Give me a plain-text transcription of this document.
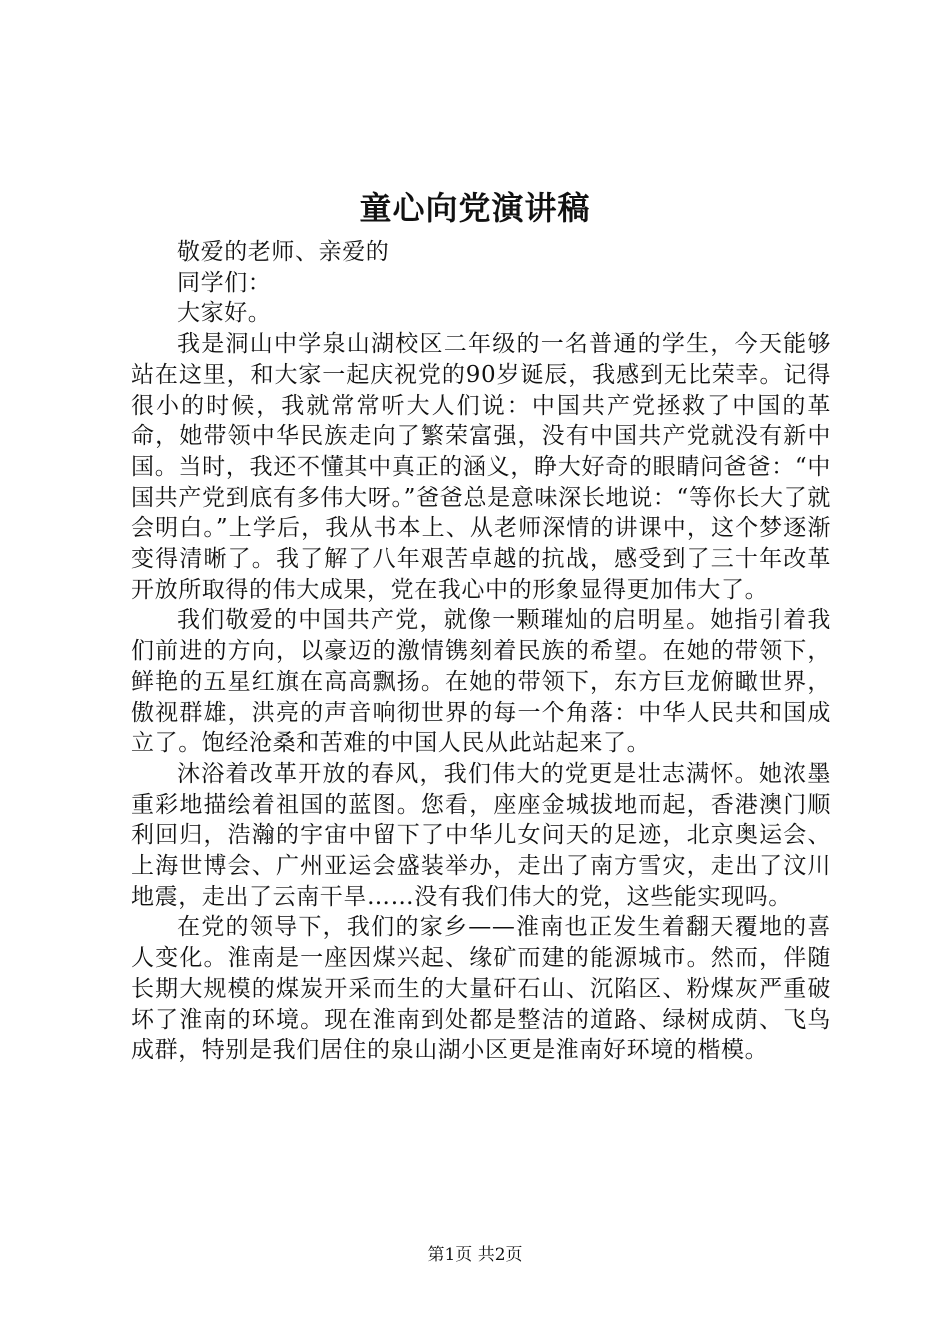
童心向党演讲稿

敬爱的老师、亲爱的

同学们：

大家好。

我是洞山中学泉山湖校区二年级的一名普通的学生，今天能够站在这里，和大家一起庆祝党的90岁诞辰，我感到无比荣幸。记得很小的时候，我就常常听大人们说：中国共产党拯救了中国的革命，她带领中华民族走向了繁荣富强，没有中国共产党就没有新中国。当时，我还不懂其中真正的涵义，睁大好奇的眼睛问爸爸：“中国共产党到底有多伟大呀。”爸爸总是意味深长地说：“等你长大了就会明白。”上学后，我从书本上、从老师深情的讲课中，这个梦逐渐变得清晰了。我了解了八年艰苦卓越的抗战，感受到了三十年改革开放所取得的伟大成果，党在我心中的形象显得更加伟大了。

我们敬爱的中国共产党，就像一颗璀灿的启明星。她指引着我们前进的方向，以豪迈的激情镌刻着民族的希望。在她的带领下，鲜艳的五星红旗在高高飘扬。在她的带领下，东方巨龙俯瞰世界，傲视群雄，洪亮的声音响彻世界的每一个角落：中华人民共和国成立了。饱经沧桑和苦难的中国人民从此站起来了。

沐浴着改革开放的春风，我们伟大的党更是壮志满怀。她浓墨重彩地描绘着祖国的蓝图。您看，座座金城拔地而起，香港澳门顺利回归，浩瀚的宇宙中留下了中华儿女问天的足迹，北京奥运会、上海世博会、广州亚运会盛装举办，走出了南方雪灾，走出了汶川地震，走出了云南干旱……没有我们伟大的党，这些能实现吗。

在党的领导下，我们的家乡——淮南也正发生着翻天覆地的喜人变化。淮南是一座因煤兴起、缘矿而建的能源城市。然而，伴随长期大规模的煤炭开采而生的大量矸石山、沉陷区、粉煤灰严重破坏了淮南的环境。现在淮南到处都是整洁的道路、绿树成荫、飞鸟成群，特别是我们居住的泉山湖小区更是淮南好环境的楷模。

第1页 共2页
